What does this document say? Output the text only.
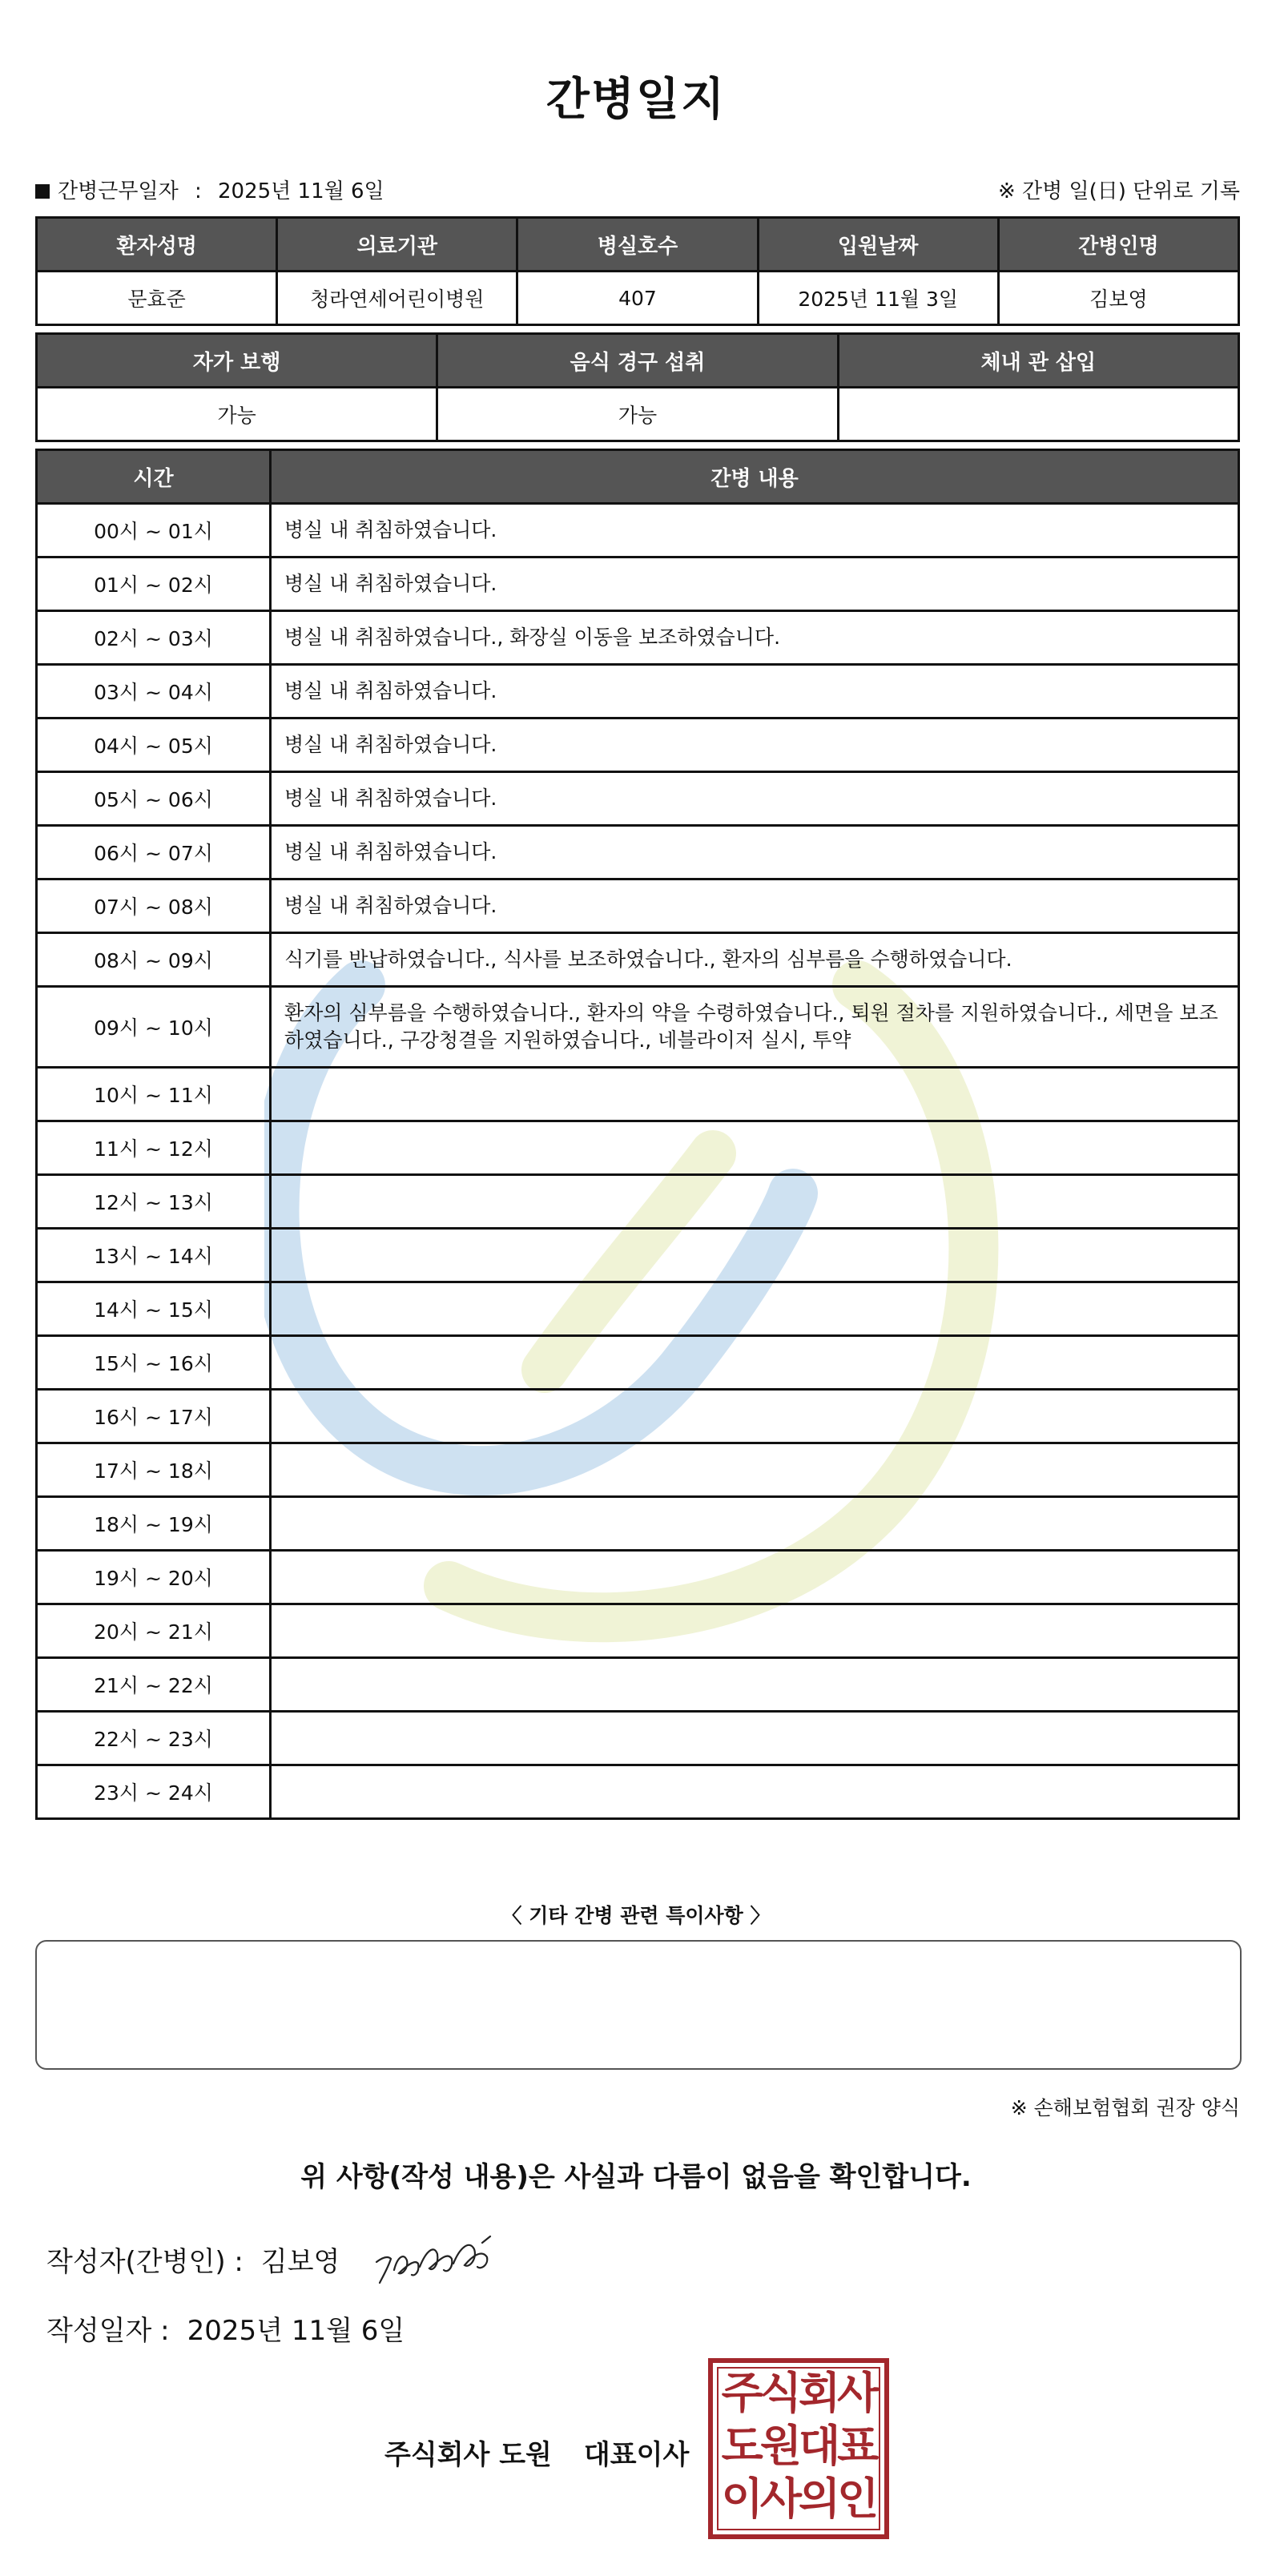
간병일지
간병근무일자 : 2025년 11월 6일	※ 간병 일(日) 단위로 기록
환자성명	의료기관	병실호수	입원날짜	간병인명
문효준	청라연세어린이병원	407	2025년 11월 3일	김보영
자가 보행	음식 경구 섭취	체내 관 삽입
가능	가능	
시간	간병 내용
00시 ~ 01시	병실 내 취침하였습니다.
01시 ~ 02시	병실 내 취침하였습니다.
02시 ~ 03시	병실 내 취침하였습니다., 화장실 이동을 보조하였습니다.
03시 ~ 04시	병실 내 취침하였습니다.
04시 ~ 05시	병실 내 취침하였습니다.
05시 ~ 06시	병실 내 취침하였습니다.
06시 ~ 07시	병실 내 취침하였습니다.
07시 ~ 08시	병실 내 취침하였습니다.
08시 ~ 09시	식기를 반납하였습니다., 식사를 보조하였습니다., 환자의 심부름을 수행하였습니다.
09시 ~ 10시	환자의 심부름을 수행하였습니다., 환자의 약을 수령하였습니다., 퇴원 절차를 지원하였습니다., 세면을 보조하였습니다., 구강청결을 지원하였습니다., 네블라이저 실시, 투약
10시 ~ 11시	
11시 ~ 12시	
12시 ~ 13시	
13시 ~ 14시	
14시 ~ 15시	
15시 ~ 16시	
16시 ~ 17시	
17시 ~ 18시	
18시 ~ 19시	
19시 ~ 20시	
20시 ~ 21시	
21시 ~ 22시	
22시 ~ 23시	
23시 ~ 24시	
〈 기타 간병 관련 특이사항 〉
※ 손해보험협회 권장 양식
위 사항(작성 내용)은 사실과 다름이 없음을 확인합니다.
작성자(간병인) : 김보영
작성일자 : 2025년 11월 6일
주식회사 도원 대표이사
주식회사
도원대표
이사의인
